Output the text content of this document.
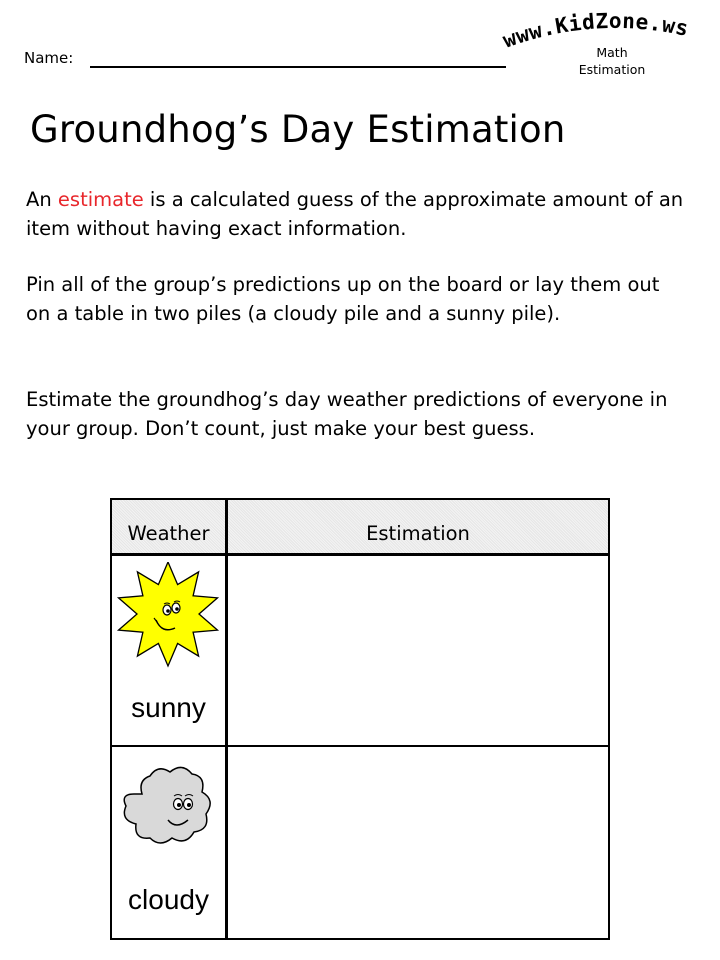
Name:
www.KidZone.ws
Math
Estimation
Groundhog’s Day Estimation

An estimate is a calculated guess of the approximate amount of an item without having exact information.

Pin all of the group’s predictions up on the board or lay them out on a table in two piles (a cloudy pile and a sunny pile).

Estimate the groundhog’s day weather predictions of everyone in your group. Don’t count, just make your best guess.

Weather	Estimation
sunny
cloudy
